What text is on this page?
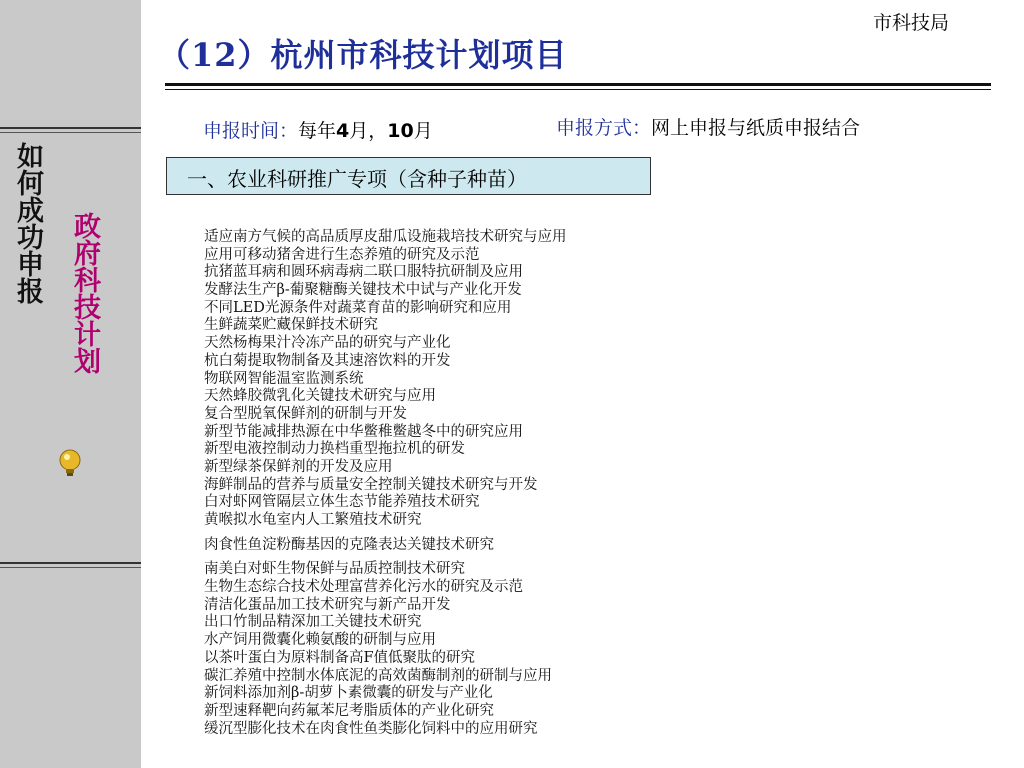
如何成功申报 政府科技计划
市科技局
（12）杭州市科技计划项目
申报时间：每年4月，10月	申报方式：网上申报与纸质申报结合
一、农业科研推广专项（含种子种苗）
适应南方气候的高品质厚皮甜瓜设施栽培技术研究与应用
应用可移动猪舍进行生态养殖的研究及示范
抗猪蓝耳病和圆环病毒病二联口服特抗研制及应用
发酵法生产β-葡聚糖酶关键技术中试与产业化开发
不同LED光源条件对蔬菜育苗的影响研究和应用
生鲜蔬菜贮藏保鲜技术研究
天然杨梅果汁冷冻产品的研究与产业化
杭白菊提取物制备及其速溶饮料的开发
物联网智能温室监测系统
天然蜂胶微乳化关键技术研究与应用
复合型脱氧保鲜剂的研制与开发
新型节能减排热源在中华鳖稚鳖越冬中的研究应用
新型电液控制动力换档重型拖拉机的研发
新型绿茶保鲜剂的开发及应用
海鲜制品的营养与质量安全控制关键技术研究与开发
白对虾网管隔层立体生态节能养殖技术研究
黄喉拟水龟室内人工繁殖技术研究
肉食性鱼淀粉酶基因的克隆表达关键技术研究
南美白对虾生物保鲜与品质控制技术研究
生物生态综合技术处理富营养化污水的研究及示范
清洁化蛋品加工技术研究与新产品开发
出口竹制品精深加工关键技术研究
水产饲用微囊化赖氨酸的研制与应用
以茶叶蛋白为原料制备高F值低聚肽的研究
碳汇养殖中控制水体底泥的高效菌酶制剂的研制与应用
新饲料添加剂β-胡萝卜素微囊的研发与产业化
新型速释靶向药氟苯尼考脂质体的产业化研究
缓沉型膨化技术在肉食性鱼类膨化饲料中的应用研究
